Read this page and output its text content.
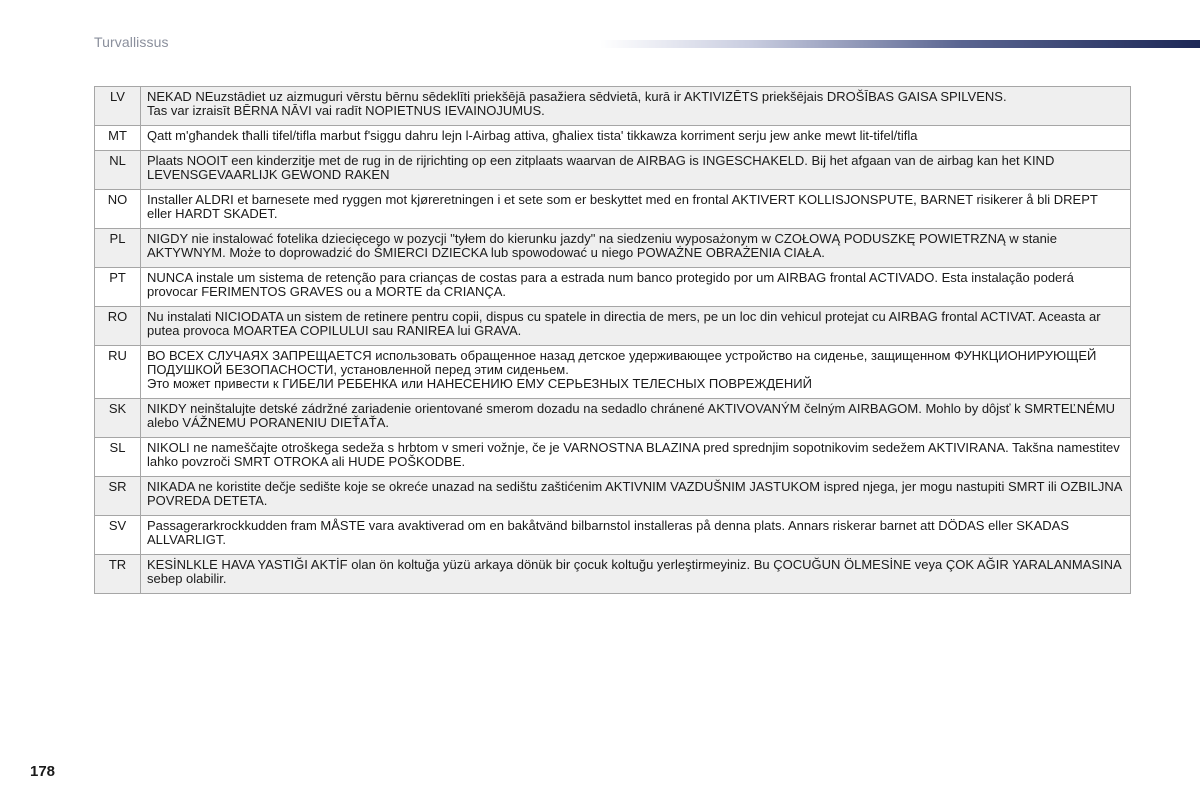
Turvallissus
LV	NEKAD NEuzstādiet uz aizmuguri vērstu bērnu sēdeklīti priekšējā pasažiera sēdvietā, kurā ir AKTIVIZĒTS priekšējais DROŠĪBAS GAISA SPILVENS.
Tas var izraisīt BĒRNA NĀVI vai radīt NOPIETNUS IEVAINOJUMUS.
MT	Qatt m'għandek tħalli tifel/tifla marbut f'siggu dahru lejn l-Airbag attiva, għaliex tista' tikkawza korriment serju jew anke mewt lit-tifel/tifla
NL	Plaats NOOIT een kinderzitje met de rug in de rijrichting op een zitplaats waarvan de AIRBAG is INGESCHAKELD. Bij het afgaan van de airbag kan het KIND LEVENSGEVAARLIJK GEWOND RAKEN
NO	Installer ALDRI et barnesete med ryggen mot kjøreretningen i et sete som er beskyttet med en frontal AKTIVERT KOLLISJONSPUTE, BARNET risikerer å bli DREPT eller HARDT SKADET.
PL	NIGDY nie instalować fotelika dziecięcego w pozycji "tyłem do kierunku jazdy" na siedzeniu wyposażonym w CZOŁOWĄ PODUSZKĘ POWIETRZNĄ w stanie AKTYWNYM. Może to doprowadzić do ŚMIERCI DZIECKA lub spowodować u niego POWAŻNE OBRAŻENIA CIAŁA.
PT	NUNCA instale um sistema de retenção para crianças de costas para a estrada num banco protegido por um AIRBAG frontal ACTIVADO. Esta instalação poderá provocar FERIMENTOS GRAVES ou a MORTE da CRIANÇA.
RO	Nu instalati NICIODATA un sistem de retinere pentru copii, dispus cu spatele in directia de mers, pe un loc din vehicul protejat cu AIRBAG frontal ACTIVAT. Aceasta ar putea provoca MOARTEA COPILULUI sau RANIREA lui GRAVA.
RU	ВО ВСЕХ СЛУЧАЯХ ЗАПРЕЩАЕТСЯ использовать обращенное назад детское удерживающее устройство на сиденье, защищенном ФУНКЦИОНИРУЮЩЕЙ ПОДУШКОЙ БЕЗОПАСНОСТИ, установленной перед этим сиденьем.
Это может привести к ГИБЕЛИ РЕБЕНКА или НАНЕСЕНИЮ ЕМУ СЕРЬЕЗНЫХ ТЕЛЕСНЫХ ПОВРЕЖДЕНИЙ
SK	NIKDY neinštalujte detské zádržné zariadenie orientované smerom dozadu na sedadlo chránené AKTIVOVANÝM čelným AIRBAGOM. Mohlo by dôjsť k SMRTEĽNÉMU alebo VÁŽNEMU PORANENIU DIEŤAŤA.
SL	NIKOLI ne nameščajte otroškega sedeža s hrbtom v smeri vožnje, če je VARNOSTNA BLAZINA pred sprednjim sopotnikovim sedežem AKTIVIRANA. Takšna namestitev lahko povzroči SMRT OTROKA ali HUDE POŠKODBE.
SR	NIKADA ne koristite dečje sedište koje se okreće unazad na sedištu zaštićenim AKTIVNIM VAZDUŠNIM JASTUKOM ispred njega, jer mogu nastupiti SMRT ili OZBILJNA POVREDA DETETA.
SV	Passagerarkrockkudden fram MÅSTE vara avaktiverad om en bakåtvänd bilbarnstol installeras på denna plats. Annars riskerar barnet att DÖDAS eller SKADAS ALLVARLIGT.
TR	KESİNLKLE HAVA YASTIĞI AKTİF olan ön koltuğa yüzü arkaya dönük bir çocuk koltuğu yerleştirmeyiniz. Bu ÇOCUĞUN ÖLMESİNE veya ÇOK AĞIR YARALANMASINA sebep olabilir.
178
